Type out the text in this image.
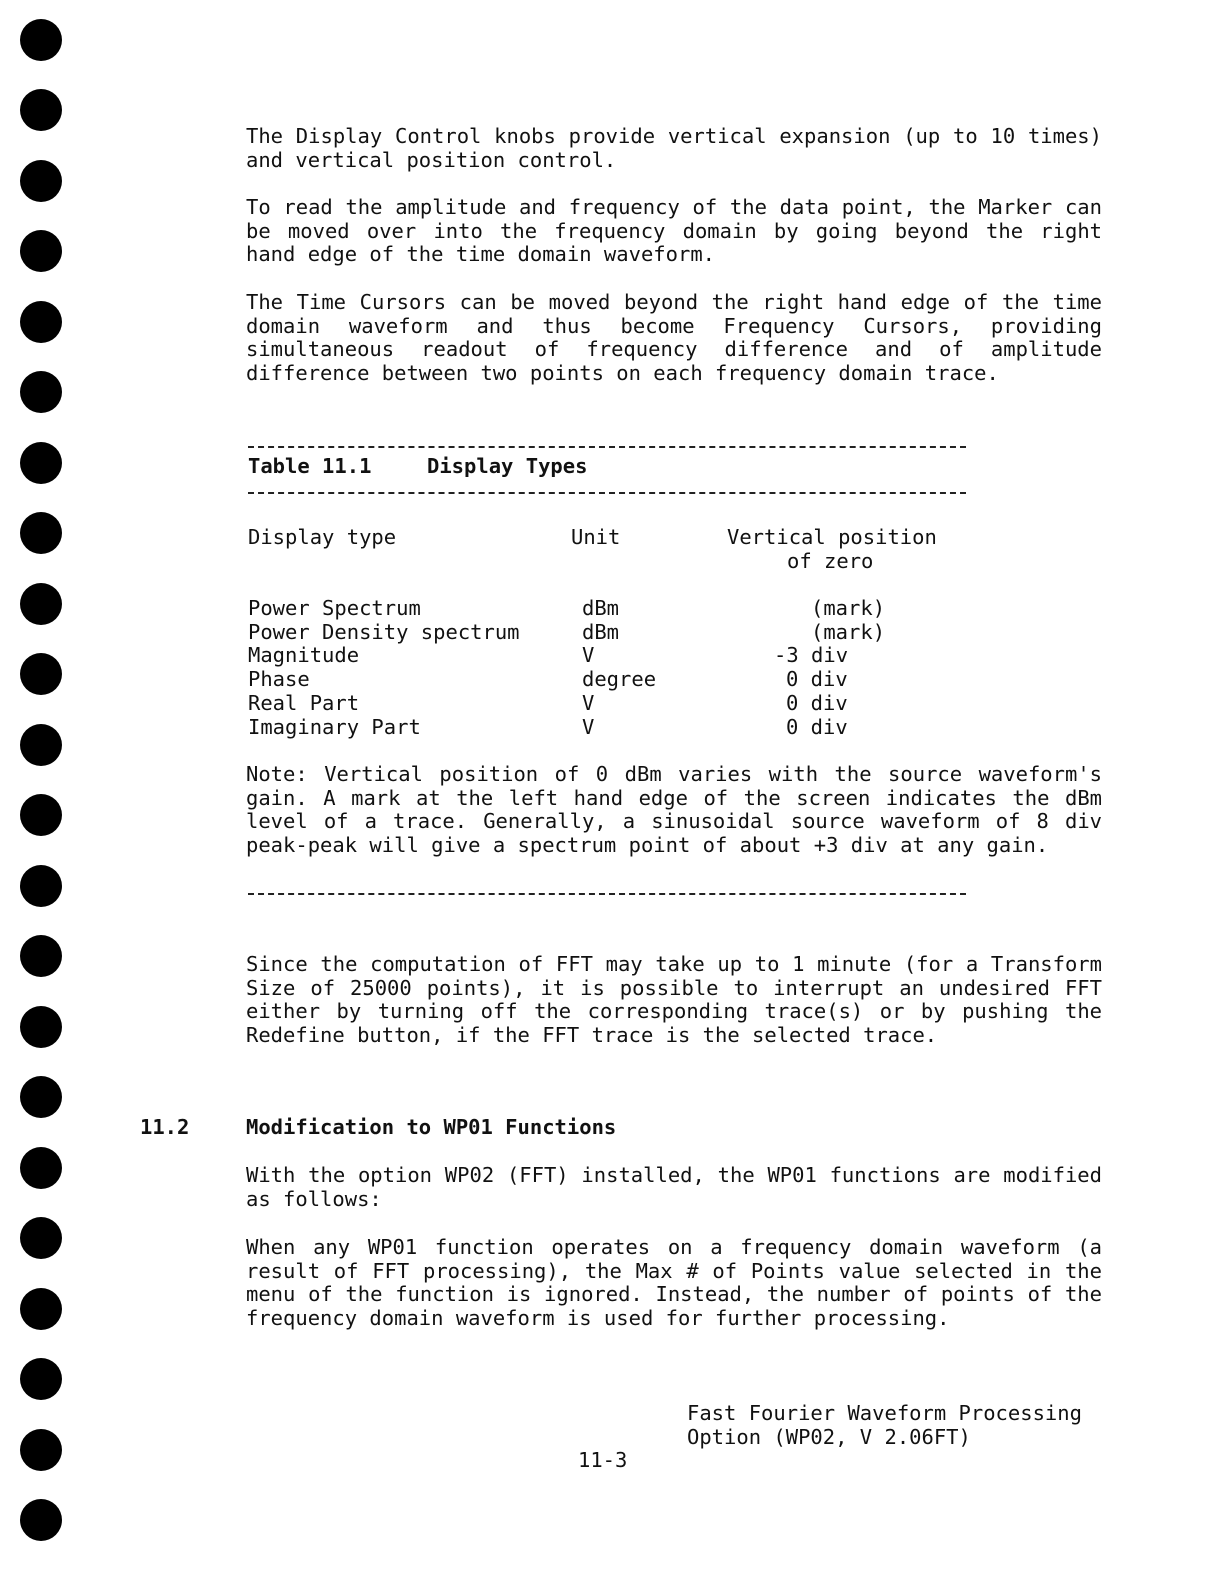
The Display Control knobs provide vertical expansion (up to 10 times) and vertical position control.

To read the amplitude and frequency of the data point, the Marker can be moved over into the frequency domain by going beyond the right hand edge of the time domain waveform.

The Time Cursors can be moved beyond the right hand edge of the time domain waveform and thus become Frequency Cursors, providing simultaneous readout of frequency difference and of amplitude difference between two points on each frequency domain trace.

Table 11.1	Display Types
Display type	Unit	Vertical position
of zero
Power Spectrum	dBm	(mark)
Power Density spectrum	dBm	(mark)
Magnitude	V	-3 div
Phase	degree	0 div
Real Part	V	0 div
Imaginary Part	V	0 div

Note: Vertical position of 0 dBm varies with the source waveform's gain. A mark at the left hand edge of the screen indicates the dBm level of a trace. Generally, a sinusoidal source waveform of 8 div peak-peak will give a spectrum point of about +3 div at any gain.

Since the computation of FFT may take up to 1 minute (for a Transform Size of 25000 points), it is possible to interrupt an undesired FFT either by turning off the corresponding trace(s) or by pushing the Redefine button, if the FFT trace is the selected trace.

11.2	Modification to WP01 Functions

With the option WP02 (FFT) installed, the WP01 functions are modified as follows:

When any WP01 function operates on a frequency domain waveform (a result of FFT processing), the Max # of Points value selected in the menu of the function is ignored. Instead, the number of points of the frequency domain waveform is used for further processing.

Fast Fourier Waveform Processing
Option (WP02, V 2.06FT)
11-3
